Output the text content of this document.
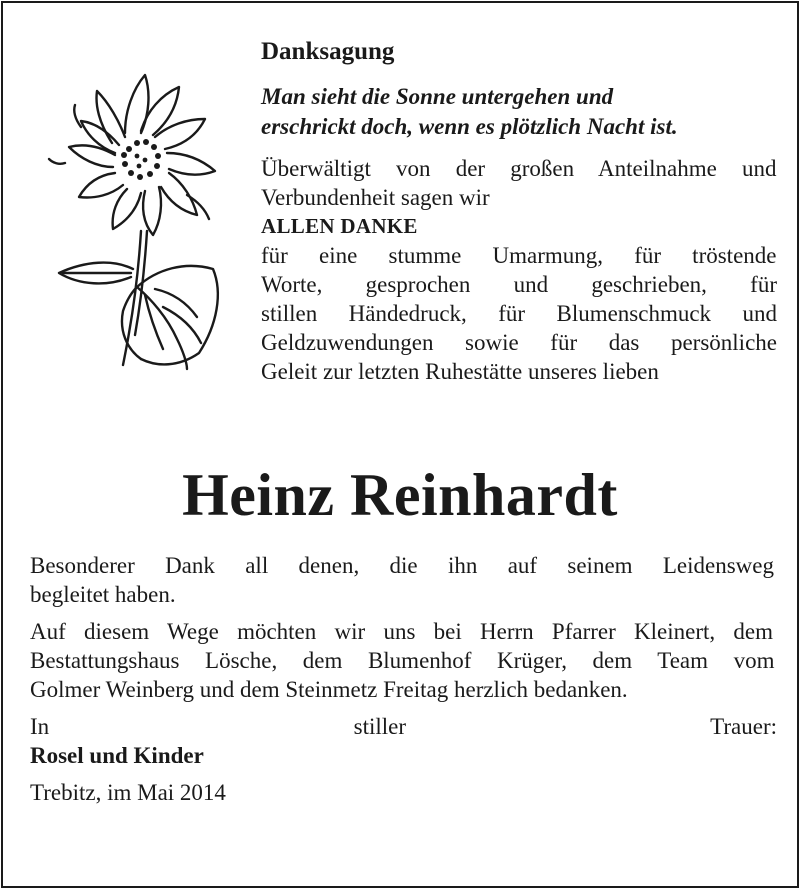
Danksagung
Man sieht die Sonne untergehen und
erschrickt doch, wenn es plötzlich Nacht ist.
Überwältigt von der großen Anteilnahme und
Verbundenheit sagen wir
ALLEN DANKE
für eine stumme Umarmung, für tröstende
Worte, gesprochen und geschrieben, für
stillen Händedruck, für Blumenschmuck und
Geldzuwendungen sowie für das persönliche
Geleit zur letzten Ruhestätte unseres lieben
Heinz Reinhardt
Besonderer Dank all denen, die ihn auf seinem Leidensweg
begleitet haben.
Auf diesem Wege möchten wir uns bei Herrn Pfarrer Kleinert, dem
Bestattungshaus Lösche, dem Blumenhof Krüger, dem Team vom
Golmer Weinberg und dem Steinmetz Freitag herzlich bedanken.
In stiller Trauer:
Rosel und Kinder
Trebitz, im Mai 2014
